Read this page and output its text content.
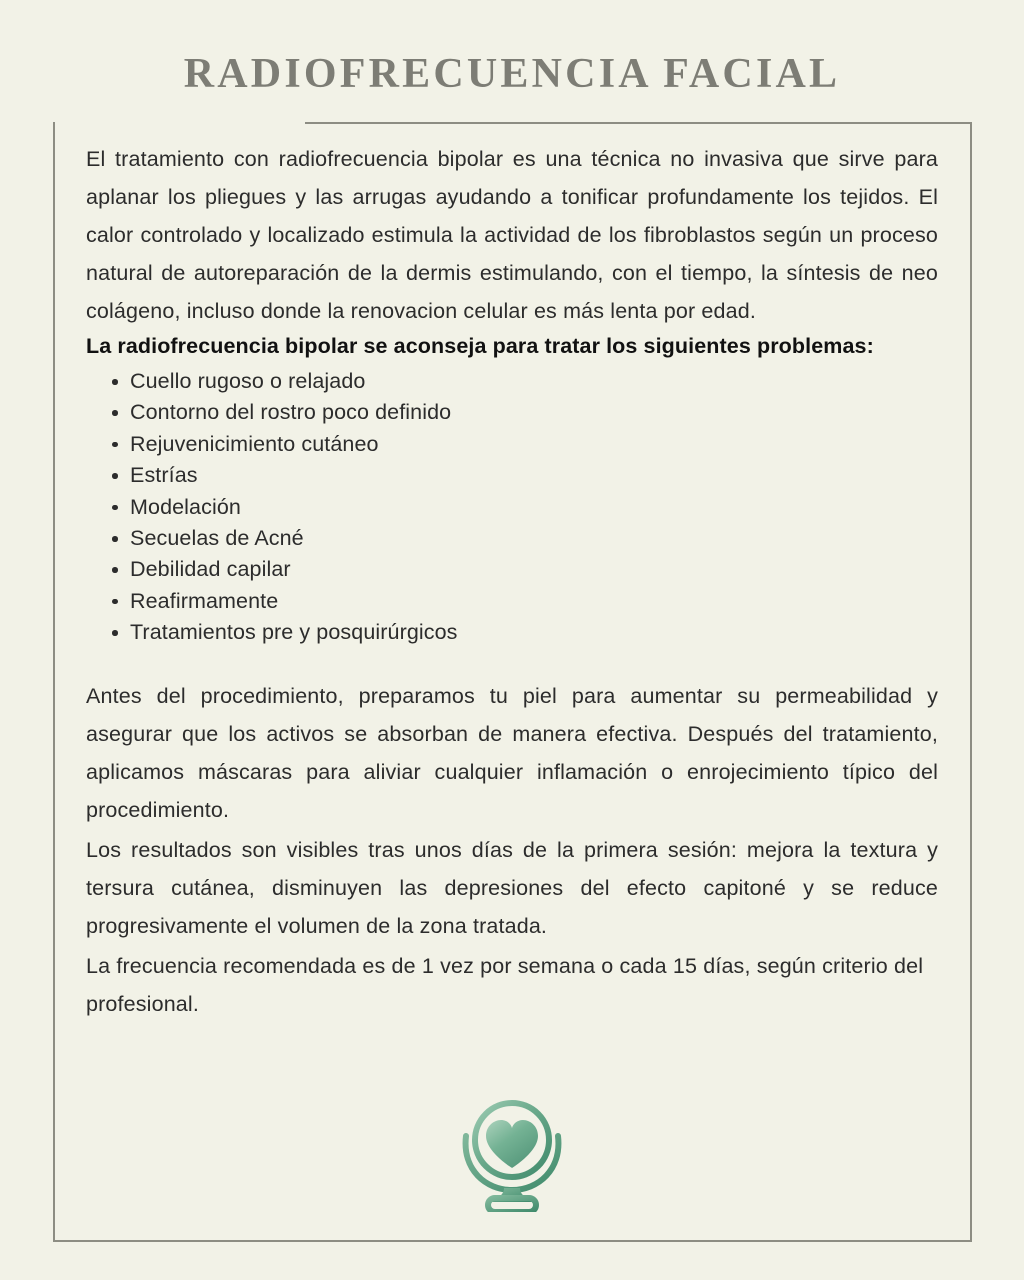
RADIOFRECUENCIA FACIAL

El tratamiento con radiofrecuencia bipolar es una técnica no invasiva que sirve para aplanar los pliegues y las arrugas ayudando a tonificar profundamente los tejidos. El calor controlado y localizado estimula la actividad de los fibroblastos según un proceso natural de autoreparación de la dermis estimulando, con el tiempo, la síntesis de neo colágeno, incluso donde la renovacion celular es más lenta por edad.

La radiofrecuencia bipolar se aconseja para tratar los siguientes problemas:
Cuello rugoso o relajado
Contorno del rostro poco definido
Rejuvenicimiento cutáneo
Estrías
Modelación
Secuelas de Acné
Debilidad capilar
Reafirmamente
Tratamientos pre y posquirúrgicos

Antes del procedimiento, preparamos tu piel para aumentar su permeabilidad y asegurar que los activos se absorban de manera efectiva. Después del tratamiento, aplicamos máscaras para aliviar cualquier inflamación o enrojecimiento típico del procedimiento.

Los resultados son visibles tras unos días de la primera sesión: mejora la textura y tersura cutánea, disminuyen las depresiones del efecto capitoné y se reduce progresivamente el volumen de la zona tratada.

La frecuencia recomendada es de 1 vez por semana o cada 15 días, según criterio del profesional.
